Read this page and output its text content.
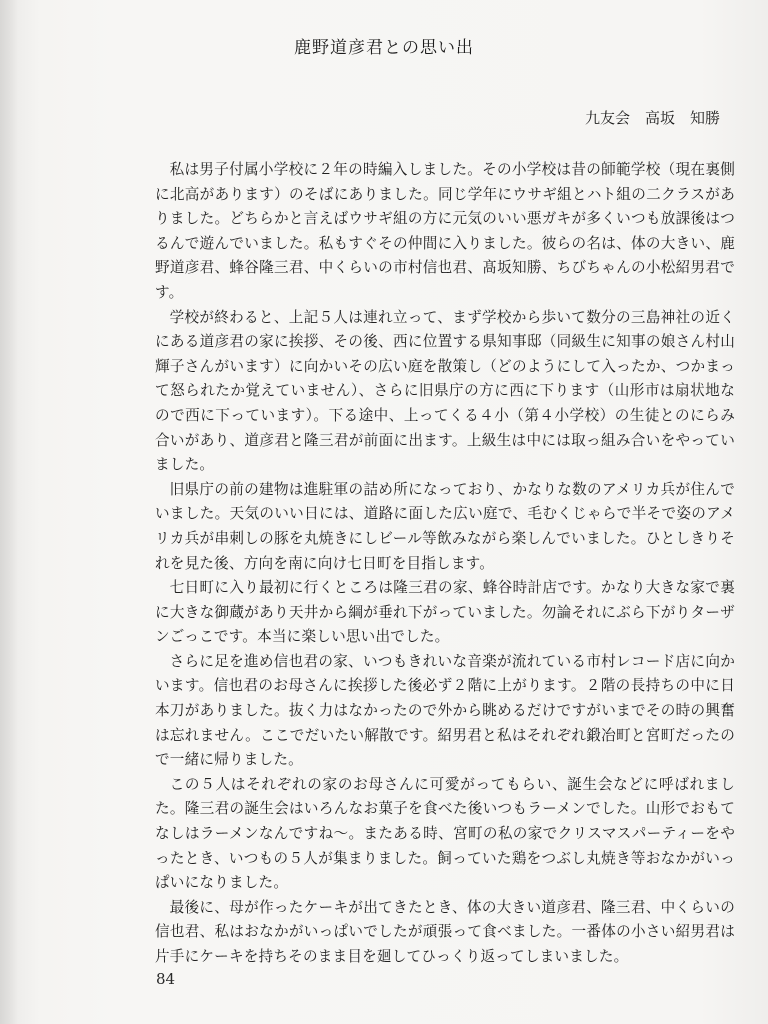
鹿野道彦君との思い出

九友会　高坂　知勝

私は男子付属小学校に２年の時編入しました。その小学校は昔の師範学校（現在裏側に北高があります）のそばにありました。同じ学年にウサギ組とハト組の二クラスがありました。どちらかと言えばウサギ組の方に元気のいい悪ガキが多くいつも放課後はつるんで遊んでいました。私もすぐその仲間に入りました。彼らの名は、体の大きい、鹿野道彦君、蜂谷隆三君、中くらいの市村信也君、髙坂知勝、ちびちゃんの小松紹男君です。

学校が終わると、上記５人は連れ立って、まず学校から歩いて数分の三島神社の近くにある道彦君の家に挨拶、その後、西に位置する県知事邸（同級生に知事の娘さん村山輝子さんがいます）に向かいその広い庭を散策し（どのようにして入ったか、つかまって怒られたか覚えていません）、さらに旧県庁の方に西に下ります（山形市は扇状地なので西に下っています）。下る途中、上ってくる４小（第４小学校）の生徒とのにらみ合いがあり、道彦君と隆三君が前面に出ます。上級生は中には取っ組み合いをやっていました。

旧県庁の前の建物は進駐軍の詰め所になっており、かなりな数のアメリカ兵が住んでいました。天気のいい日には、道路に面した広い庭で、毛むくじゃらで半そで姿のアメリカ兵が串刺しの豚を丸焼きにしビール等飲みながら楽しんでいました。ひとしきりそれを見た後、方向を南に向け七日町を目指します。

七日町に入り最初に行くところは隆三君の家、蜂谷時計店です。かなり大きな家で裏に大きな御蔵があり天井から綱が垂れ下がっていました。勿論それにぶら下がりターザンごっこです。本当に楽しい思い出でした。

さらに足を進め信也君の家、いつもきれいな音楽が流れている市村レコード店に向かいます。信也君のお母さんに挨拶した後必ず２階に上がります。２階の長持ちの中に日本刀がありました。抜く力はなかったので外から眺めるだけですがいまでその時の興奮は忘れません。ここでだいたい解散です。紹男君と私はそれぞれ鍛冶町と宮町だったので一緒に帰りました。

この５人はそれぞれの家のお母さんに可愛がってもらい、誕生会などに呼ばれました。隆三君の誕生会はいろんなお菓子を食べた後いつもラーメンでした。山形でおもてなしはラーメンなんですね～。またある時、宮町の私の家でクリスマスパーティーをやったとき、いつもの５人が集まりました。飼っていた鶏をつぶし丸焼き等おなかがいっぱいになりました。

最後に、母が作ったケーキが出てきたとき、体の大きい道彦君、隆三君、中くらいの信也君、私はおなかがいっぱいでしたが頑張って食べました。一番体の小さい紹男君は片手にケーキを持ちそのまま目を廻してひっくり返ってしまいました。

84
